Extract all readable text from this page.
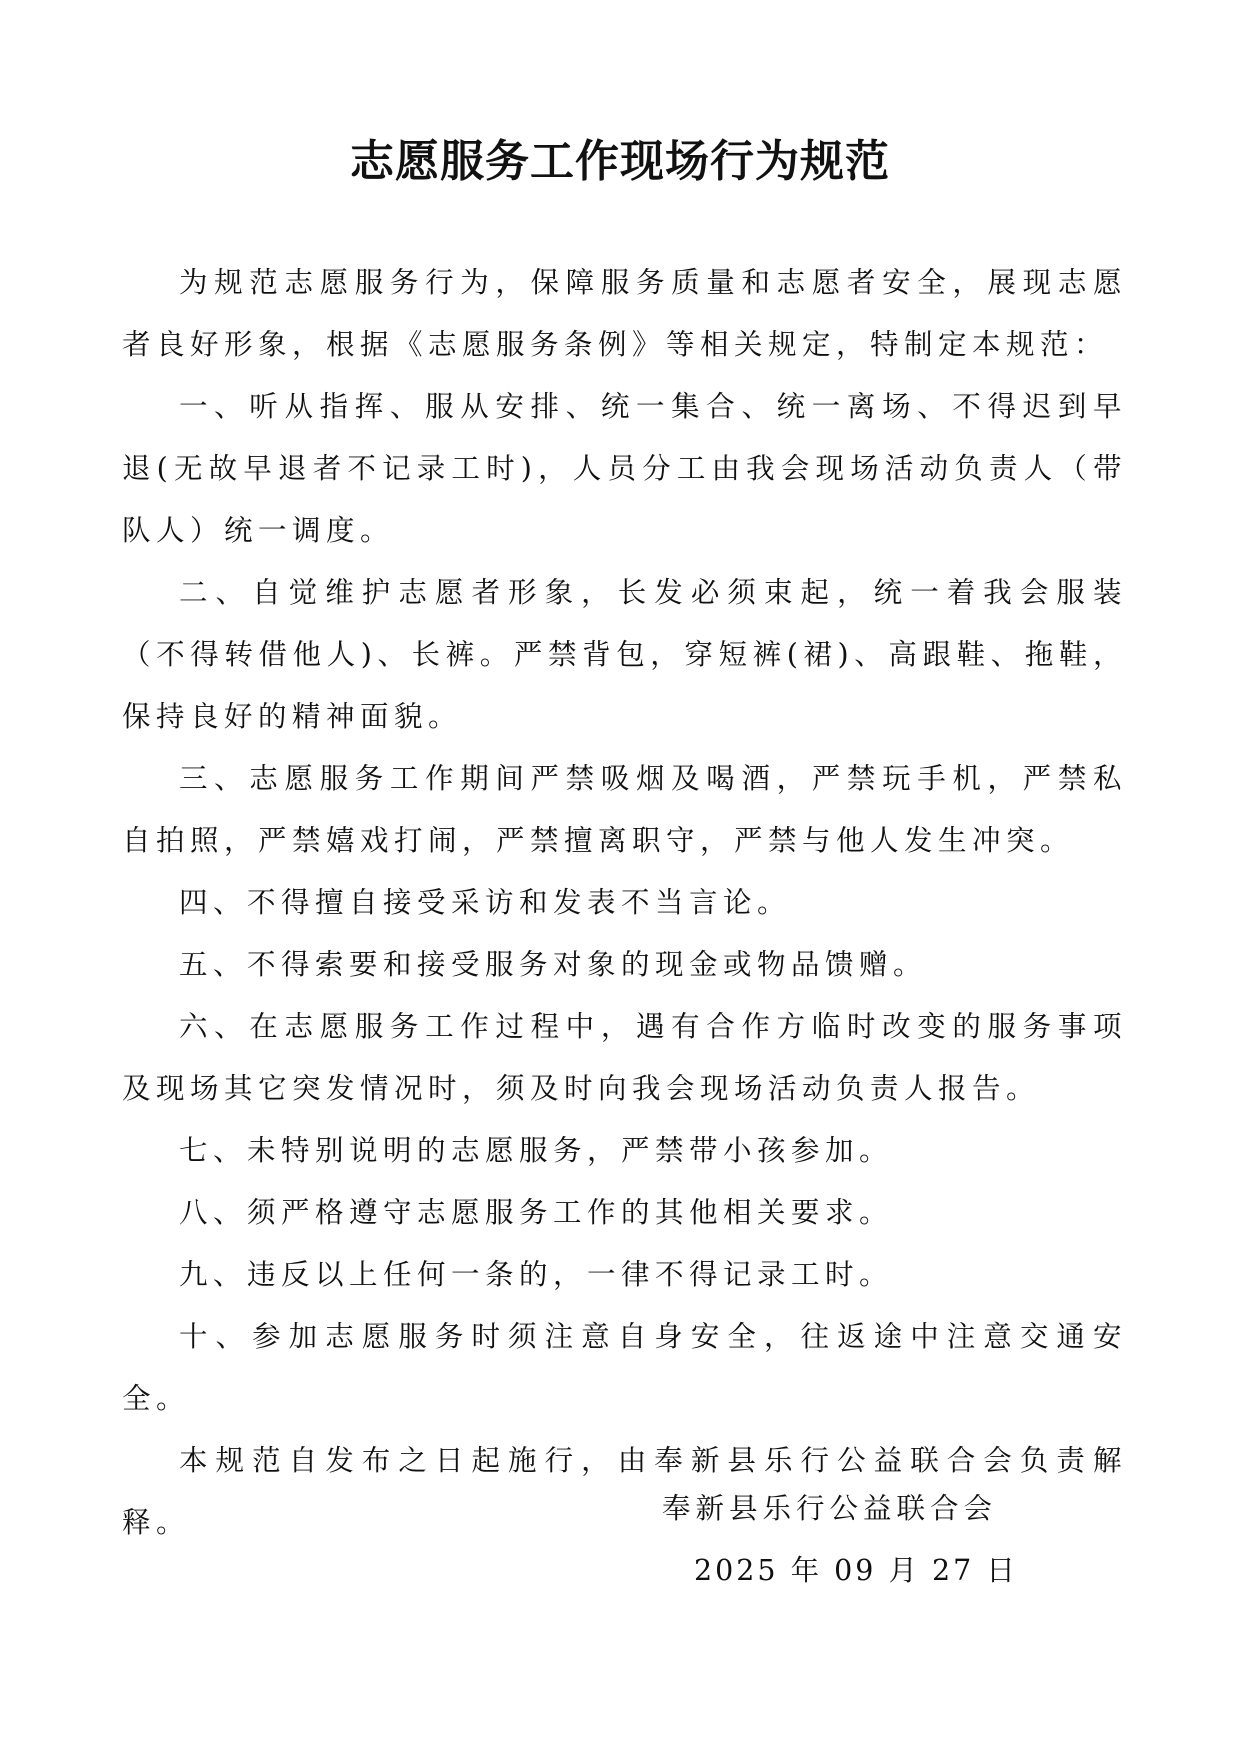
志愿服务工作现场行为规范

为规范志愿服务行为，保障服务质量和志愿者安全，展现志愿者良好形象，根据《志愿服务条例》等相关规定，特制定本规范：

一、听从指挥、服从安排、统一集合、统一离场、不得迟到早退(无故早退者不记录工时)，人员分工由我会现场活动负责人（带队人）统一调度。

二、自觉维护志愿者形象，长发必须束起，统一着我会服装（不得转借他人)、长裤。严禁背包，穿短裤(裙)、高跟鞋、拖鞋，保持良好的精神面貌。

三、志愿服务工作期间严禁吸烟及喝酒，严禁玩手机，严禁私自拍照，严禁嬉戏打闹，严禁擅离职守，严禁与他人发生冲突。

四、不得擅自接受采访和发表不当言论。

五、不得索要和接受服务对象的现金或物品馈赠。

六、在志愿服务工作过程中，遇有合作方临时改变的服务事项及现场其它突发情况时，须及时向我会现场活动负责人报告。

七、未特别说明的志愿服务，严禁带小孩参加。

八、须严格遵守志愿服务工作的其他相关要求。

九、违反以上任何一条的，一律不得记录工时。

十、参加志愿服务时须注意自身安全，往返途中注意交通安全。

本规范自发布之日起施行，由奉新县乐行公益联合会负责解释。	奉新县乐行公益联合会

2025 年 09 月 27 日
